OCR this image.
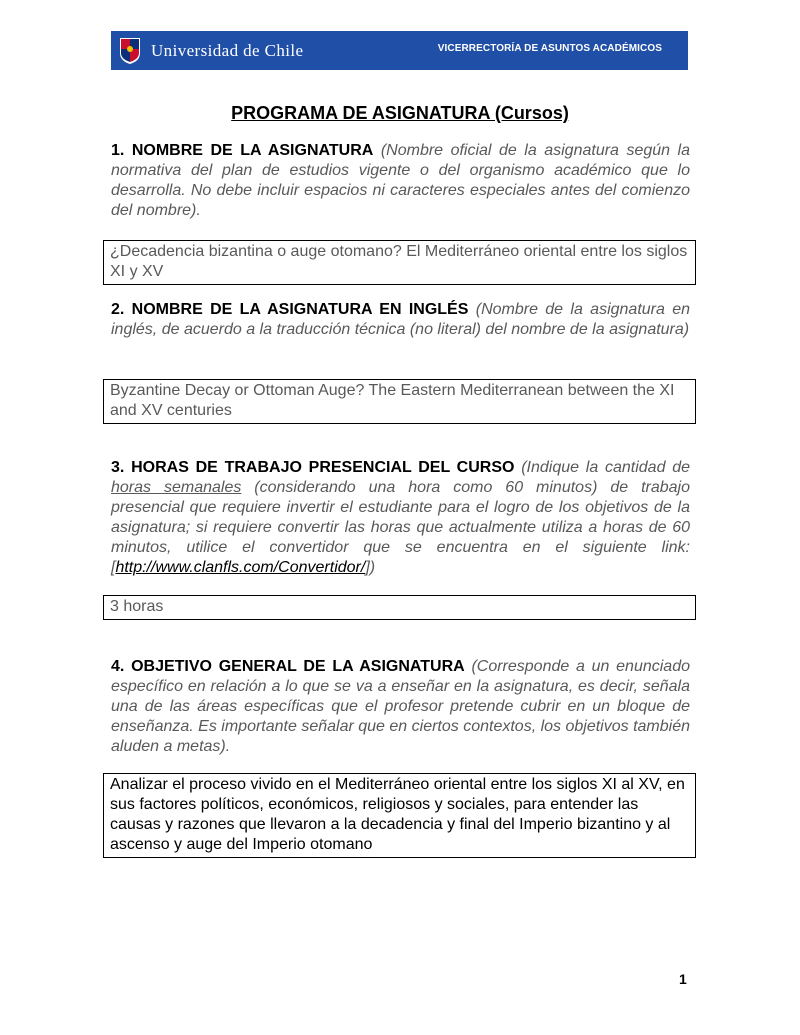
Universidad de Chile	VICERRECTORÍA DE ASUNTOS ACADÉMICOS
PROGRAMA DE ASIGNATURA (Cursos)

1. NOMBRE DE LA ASIGNATURA (Nombre oficial de la asignatura según la normativa del plan de estudios vigente o del organismo académico que lo desarrolla. No debe incluir espacios ni caracteres especiales antes del comienzo del nombre).

¿Decadencia bizantina o auge otomano? El Mediterráneo oriental entre los siglos XI y XV

2. NOMBRE DE LA ASIGNATURA EN INGLÉS (Nombre de la asignatura en inglés, de acuerdo a la traducción técnica (no literal) del nombre de la asignatura)

Byzantine Decay or Ottoman Auge? The Eastern Mediterranean between the XI and XV centuries

3. HORAS DE TRABAJO PRESENCIAL DEL CURSO (Indique la cantidad de horas semanales (considerando una hora como 60 minutos) de trabajo presencial que requiere invertir el estudiante para el logro de los objetivos de la asignatura; si requiere convertir las horas que actualmente utiliza a horas de 60 minutos, utilice el convertidor que se encuentra en el siguiente link: [http://www.clanfls.com/Convertidor/])

3 horas

4. OBJETIVO GENERAL DE LA ASIGNATURA (Corresponde a un enunciado específico en relación a lo que se va a enseñar en la asignatura, es decir, señala una de las áreas específicas que el profesor pretende cubrir en un bloque de enseñanza. Es importante señalar que en ciertos contextos, los objetivos también aluden a metas).

Analizar el proceso vivido en el Mediterráneo oriental entre los siglos XI al XV, en sus factores políticos, económicos, religiosos y sociales, para entender las causas y razones que llevaron a la decadencia y final del Imperio bizantino y al ascenso y auge del Imperio otomano
1
